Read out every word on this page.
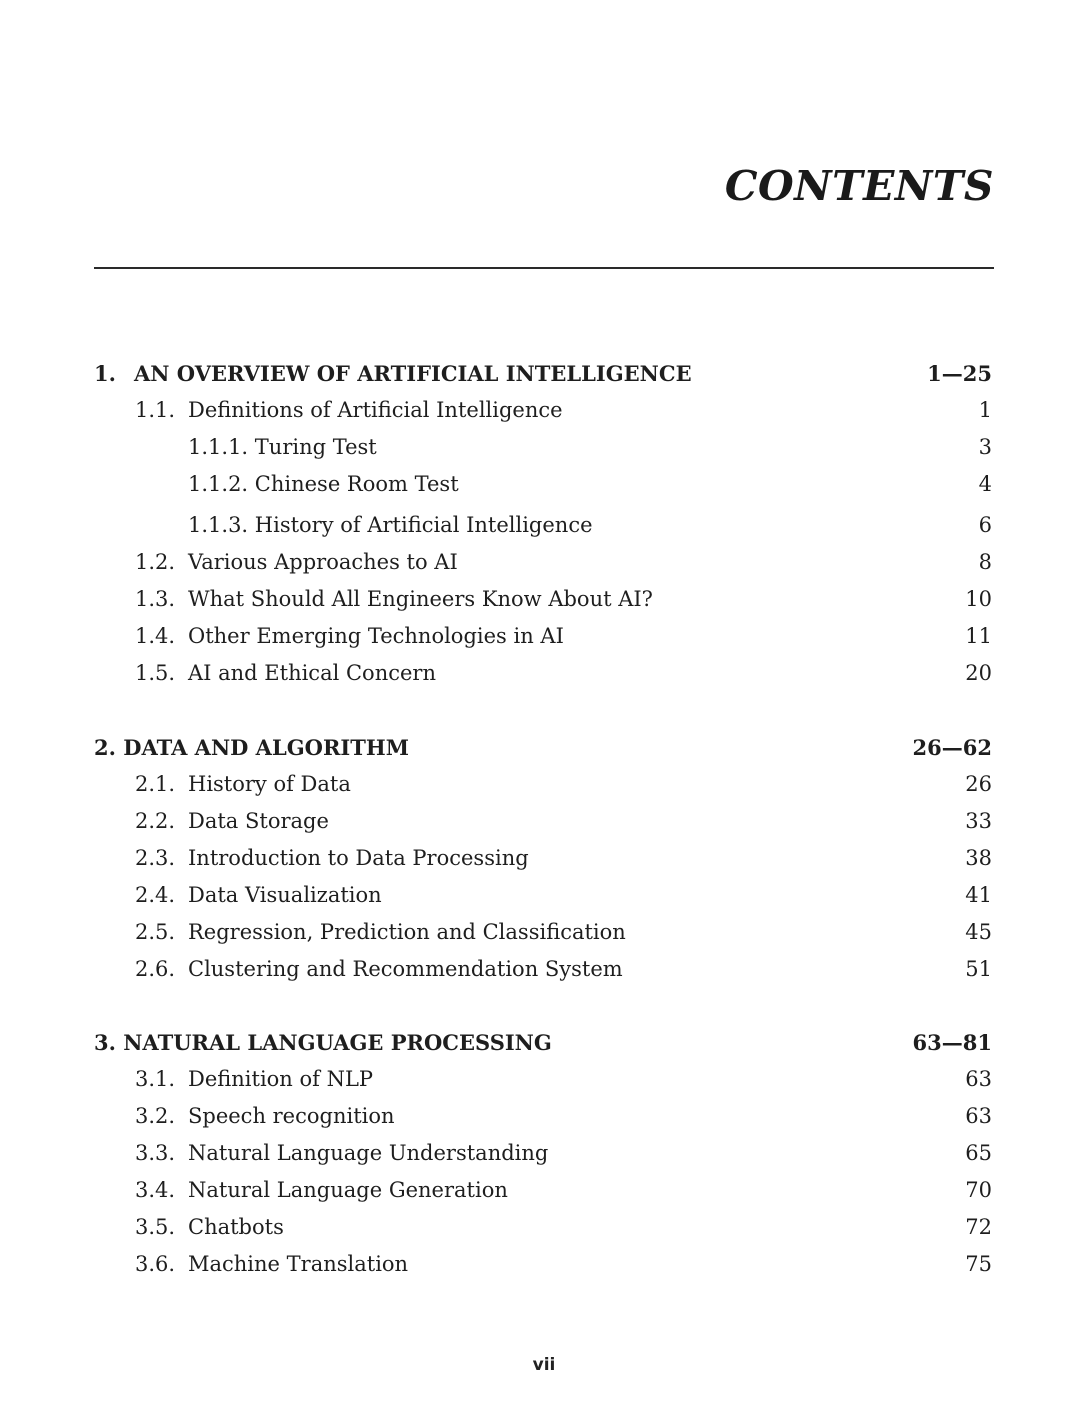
CONTENTS
1. AN OVERVIEW OF ARTIFICIAL INTELLIGENCE	1—25
1.1. Definitions of Artificial Intelligence	1
1.1.1. Turing Test	3
1.1.2. Chinese Room Test	4
1.1.3. History of Artificial Intelligence	6
1.2. Various Approaches to AI	8
1.3. What Should All Engineers Know About AI?	10
1.4. Other Emerging Technologies in AI	11
1.5. AI and Ethical Concern	20
2. DATA AND ALGORITHM	26—62
2.1. History of Data	26
2.2. Data Storage	33
2.3. Introduction to Data Processing	38
2.4. Data Visualization	41
2.5. Regression, Prediction and Classification	45
2.6. Clustering and Recommendation System	51
3. NATURAL LANGUAGE PROCESSING	63—81
3.1. Definition of NLP	63
3.2. Speech recognition	63
3.3. Natural Language Understanding	65
3.4. Natural Language Generation	70
3.5. Chatbots	72
3.6. Machine Translation	75
vii
